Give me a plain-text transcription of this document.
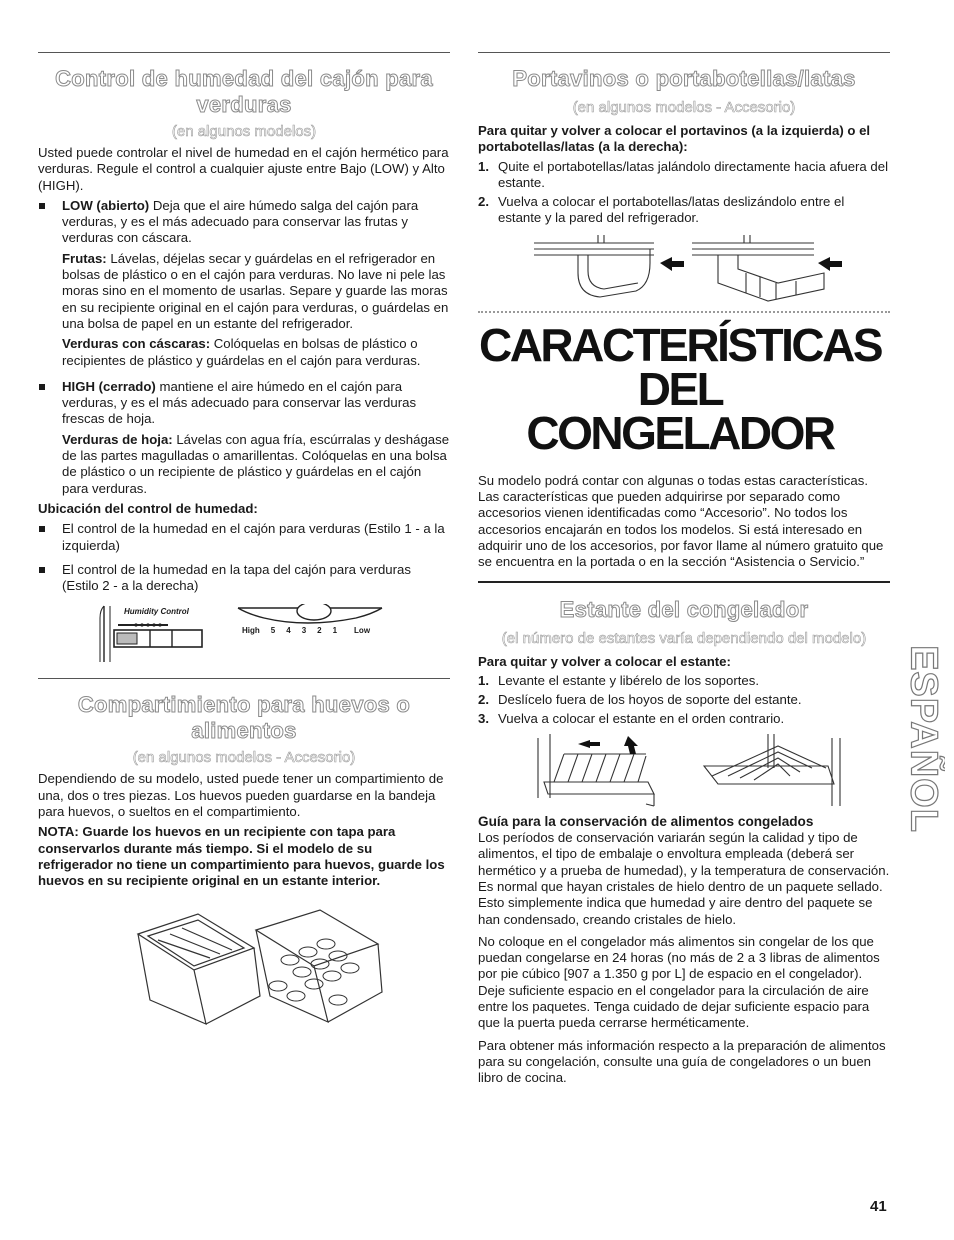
Control de humedad del cajón para verduras
(en algunos modelos)

Usted puede controlar el nivel de humedad en el cajón hermético para verduras. Regule el control a cualquier ajuste entre Bajo (LOW) y Alto (HIGH).

LOW (abierto) Deja que el aire húmedo salga del cajón para verduras, y es el más adecuado para conservar las frutas y verduras con cáscara.

Frutas: Lávelas, déjelas secar y guárdelas en el refrigerador en bolsas de plástico o en el cajón para verduras. No lave ni pele las moras sino en el momento de usarlas. Separe y guarde las moras en su recipiente original en el cajón para verduras, o guárdelas en una bolsa de papel en un estante del refrigerador.

Verduras con cáscaras: Colóquelas en bolsas de plástico o recipientes de plástico y guárdelas en el cajón para verduras.

HIGH (cerrado) mantiene el aire húmedo en el cajón para verduras, y es el más adecuado para conservar las verduras frescas de hoja.

Verduras de hoja: Lávelas con agua fría, escúrralas y deshágase de las partes magulladas o amarillentas. Colóquelas en una bolsa de plástico o un recipiente de plástico y guárdelas en el cajón para verduras.

Ubicación del control de humedad:

El control de la humedad en el cajón para verduras (Estilo 1 - a la izquierda)

El control de la humedad en la tapa del cajón para verduras (Estilo 2 - a la derecha)

Humidity Control
High 5 4 3 2 1 Low
Compartimiento para huevos o alimentos
(en algunos modelos - Accesorio)

Dependiendo de su modelo, usted puede tener un compartimiento de una, dos o tres piezas. Los huevos pueden guardarse en la bandeja para huevos, o sueltos en el compartimiento.

NOTA: Guarde los huevos en un recipiente con tapa para conservarlos durante más tiempo. Si el modelo de su refrigerador no tiene un compartimiento para huevos, guarde los huevos en su recipiente original en un estante interior.

Portavinos o portabotellas/latas
(en algunos modelos - Accesorio)

Para quitar y volver a colocar el portavinos (a la izquierda) o el portabotellas/latas (a la derecha):

1. Quite el portabotellas/latas jalándolo directamente hacia afuera del estante.

2. Vuelva a colocar el portabotellas/latas deslizándolo entre el estante y la pared del refrigerador.

CARACTERÍSTICAS DEL
CONGELADOR

Su modelo podrá contar con algunas o todas estas características. Las características que pueden adquirirse por separado como accesorios vienen identificadas como “Accesorio”. No todos los accesorios encajarán en todos los modelos. Si está interesado en adquirir uno de los accesorios, por favor llame al número gratuito que se encuentra en la portada o en la sección “Asistencia o Servicio.”

Estante del congelador
(el número de estantes varía dependiendo del modelo)

Para quitar y volver a colocar el estante:

1. Levante el estante y libérelo de los soportes.

2. Deslícelo fuera de los hoyos de soporte del estante.

3. Vuelva a colocar el estante en el orden contrario.

Guía para la conservación de alimentos congelados

Los períodos de conservación variarán según la calidad y tipo de alimentos, el tipo de embalaje o envoltura empleada (deberá ser hermético y a prueba de humedad), y la temperatura de conservación. Es normal que hayan cristales de hielo dentro de un paquete sellado. Esto simplemente indica que humedad y aire dentro del paquete se han condensado, creando cristales de hielo.

No coloque en el congelador más alimentos sin congelar de los que puedan congelarse en 24 horas (no más de 2 a 3 libras de alimentos por pie cúbico [907 a 1.350 g por L] de espacio en el congelador). Deje suficiente espacio en el congelador para la circulación de aire entre los paquetes. Tenga cuidado de dejar suficiente espacio para que la puerta pueda cerrarse herméticamente.

Para obtener más información respecto a la preparación de alimentos para su congelación, consulte una guía de congeladores o un buen libro de cocina.

ESPAÑOL
41
